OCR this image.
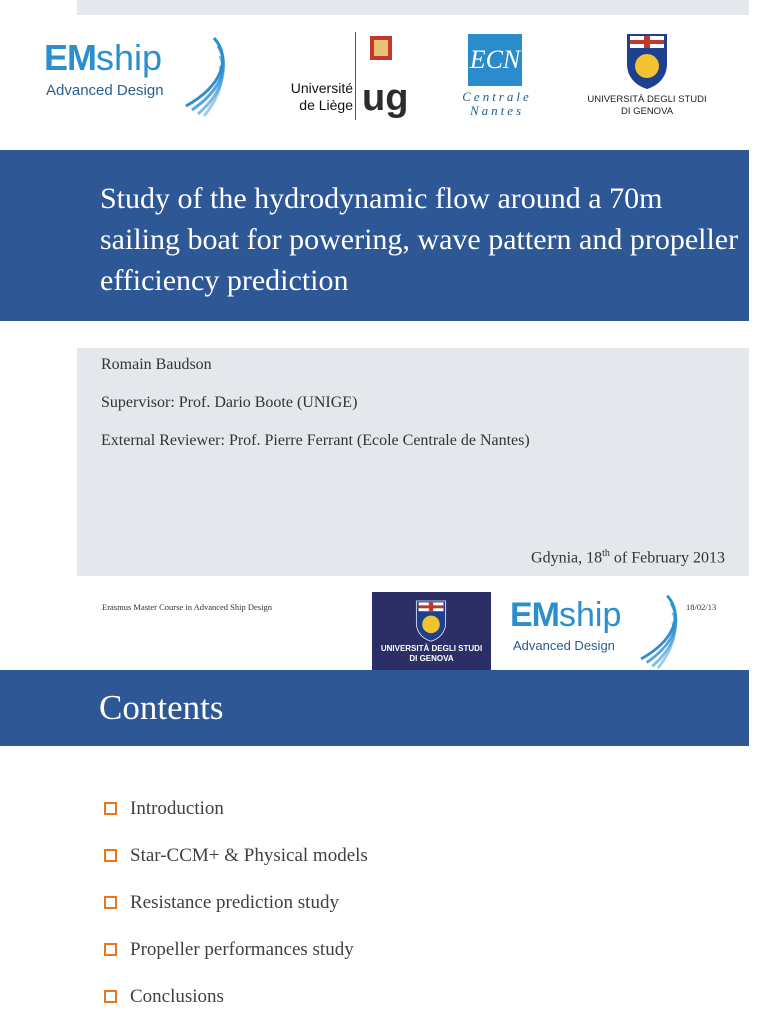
EMship
Advanced Design	Université
de Liège ug
ECN
Centrale
Nantes
UNIVERSITÀ DEGLI STUDI
DI GENOVA
Study of the hydrodynamic flow around a 70m sailing boat for powering, wave pattern and propeller efficiency prediction
Romain Baudson
Supervisor: Prof. Dario Boote (UNIGE)
External Reviewer: Prof. Pierre Ferrant (Ecole Centrale de Nantes)
Gdynia, 18th of February 2013
Erasmus Master Course in Advanced Ship Design
UNIVERSITÀ DEGLI STUDI
DI GENOVA
EMship
Advanced Design
18/02/13
Contents
Introduction
Star-CCM+ & Physical models
Resistance prediction study
Propeller performances study
Conclusions
